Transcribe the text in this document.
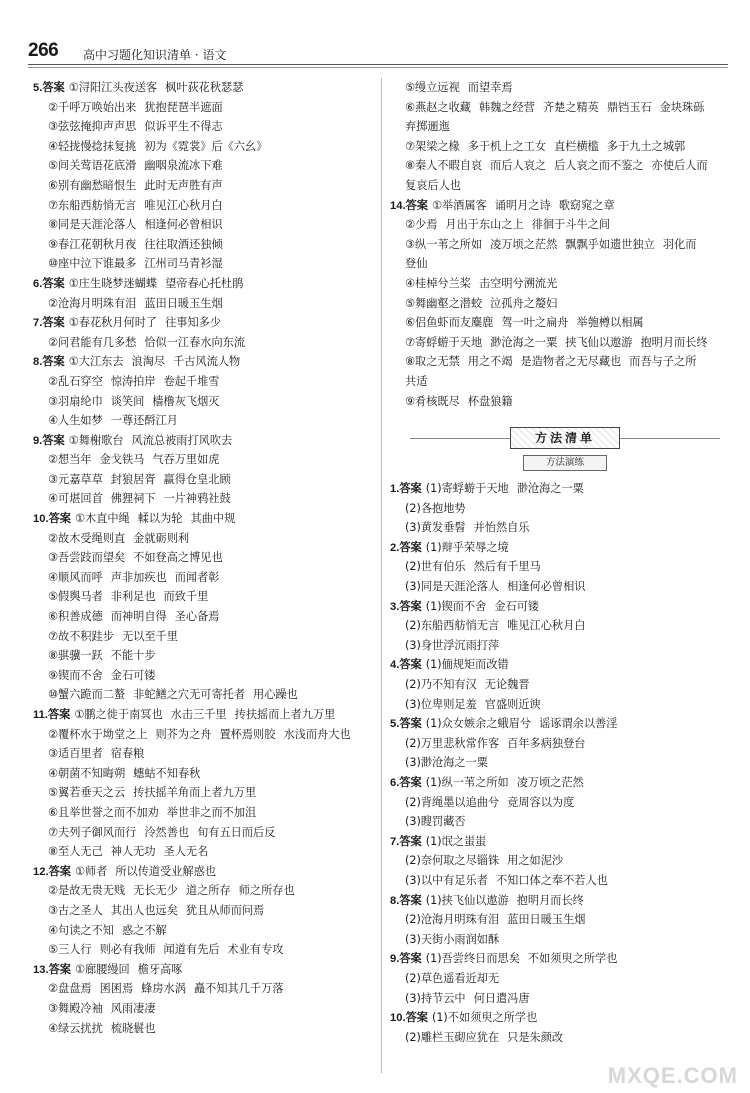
266 高中习题化知识清单 · 语文
5.答案 ①浔阳江头夜送客 枫叶荻花秋瑟瑟
②千呼万唤始出来 犹抱琵琶半遮面
③弦弦掩抑声声思 似诉平生不得志
④轻拢慢捻抹复挑 初为《霓裳》后《六幺》
⑤间关莺语花底滑 幽咽泉流冰下难
⑥别有幽愁暗恨生 此时无声胜有声
⑦东船西舫悄无言 唯见江心秋月白
⑧同是天涯沦落人 相逢何必曾相识
⑨春江花朝秋月夜 往往取酒还独倾
⑩座中泣下谁最多 江州司马青衫湿
6.答案 ①庄生晓梦迷蝴蝶 望帝春心托杜鹃
②沧海月明珠有泪 蓝田日暖玉生烟
7.答案 ①春花秋月何时了 往事知多少
②问君能有几多愁 恰似一江春水向东流
8.答案 ①大江东去 浪淘尽 千古风流人物
②乱石穿空 惊涛拍岸 卷起千堆雪
③羽扇纶巾 谈笑间 樯橹灰飞烟灭
④人生如梦 一尊还酹江月
9.答案 ①舞榭歌台 风流总被雨打风吹去
②想当年 金戈铁马 气吞万里如虎
③元嘉草草 封狼居胥 赢得仓皇北顾
④可堪回首 佛狸祠下 一片神鸦社鼓
10.答案 ①木直中绳 輮以为轮 其曲中规
②故木受绳则直 金就砺则利
③吾尝跂而望矣 不如登高之博见也
④顺风而呼 声非加疾也 而闻者彰
⑤假舆马者 非利足也 而致千里
⑥积善成德 而神明自得 圣心备焉
⑦故不积跬步 无以至千里
⑧骐骥一跃 不能十步
⑨锲而不舍 金石可镂
⑩蟹六跪而二螯 非蛇鳝之穴无可寄托者 用心躁也
11.答案 ①鹏之徙于南冥也 水击三千里 抟扶摇而上者九万里
②覆杯水于坳堂之上 则芥为之舟 置杯焉则胶 水浅而舟大也
③适百里者 宿春粮
④朝菌不知晦朔 蟪蛄不知春秋
⑤翼若垂天之云 抟扶摇羊角而上者九万里
⑥且举世誉之而不加劝 举世非之而不加沮
⑦夫列子御风而行 泠然善也 旬有五日而后反
⑧至人无己 神人无功 圣人无名
12.答案 ①师者 所以传道受业解惑也
②是故无贵无贱 无长无少 道之所存 师之所存也
③古之圣人 其出人也远矣 犹且从师而问焉
④句读之不知 惑之不解
⑤三人行 则必有我师 闻道有先后 术业有专攻
13.答案 ①廊腰缦回 檐牙高啄
②盘盘焉 囷囷焉 蜂房水涡 矗不知其几千万落
③舞殿冷袖 风雨凄凄
④绿云扰扰 梳晓鬟也
⑤缦立远视 而望幸焉
⑥燕赵之收藏 韩魏之经营 齐楚之精英 鼎铛玉石 金块珠砾
弃掷逦迤
⑦架梁之椽 多于机上之工女 直栏横槛 多于九土之城郭
⑧秦人不暇自哀 而后人哀之 后人哀之而不鉴之 亦使后人而
复哀后人也
14.答案 ①举酒属客 诵明月之诗 歌窈窕之章
②少焉 月出于东山之上 徘徊于斗牛之间
③纵一苇之所如 凌万顷之茫然 飘飘乎如遗世独立 羽化而
登仙
④桂棹兮兰桨 击空明兮溯流光
⑤舞幽壑之潜蛟 泣孤舟之嫠妇
⑥侣鱼虾而友麋鹿 驾一叶之扁舟 举匏樽以相属
⑦寄蜉蝣于天地 渺沧海之一粟 挟飞仙以遨游 抱明月而长终
⑧取之无禁 用之不竭 是造物者之无尽藏也 而吾与子之所
共适
⑨肴核既尽 杯盘狼籍
方法清单
方法演练
1.答案 (1)寄蜉蝣于天地 渺沧海之一粟
(2)各抱地势
(3)黄发垂髫 并怡然自乐
2.答案 (1)辩乎荣辱之境
(2)世有伯乐 然后有千里马
(3)同是天涯沦落人 相逢何必曾相识
3.答案 (1)锲而不舍 金石可镂
(2)东船西舫悄无言 唯见江心秋月白
(3)身世浮沉雨打萍
4.答案 (1)偭规矩而改错
(2)乃不知有汉 无论魏晋
(3)位卑则足羞 官盛则近谀
5.答案 (1)众女嫉余之蛾眉兮 谣诼谓余以善淫
(2)万里悲秋常作客 百年多病独登台
(3)渺沧海之一粟
6.答案 (1)纵一苇之所如 凌万顷之茫然
(2)背绳墨以追曲兮 竞周容以为度
(3)瞍罚藏否
7.答案 (1)氓之蚩蚩
(2)奈何取之尽锱铢 用之如泥沙
(3)以中有足乐者 不知口体之奉不若人也
8.答案 (1)挟飞仙以遨游 抱明月而长终
(2)沧海月明珠有泪 蓝田日暖玉生烟
(3)天街小雨润如酥
9.答案 (1)吾尝终日而思矣 不如须臾之所学也
(2)草色遥看近却无
(3)持节云中 何日遣冯唐
10.答案 (1)不如须臾之所学也
(2)雕栏玉砌应犹在 只是朱颜改
MXQE.COM
